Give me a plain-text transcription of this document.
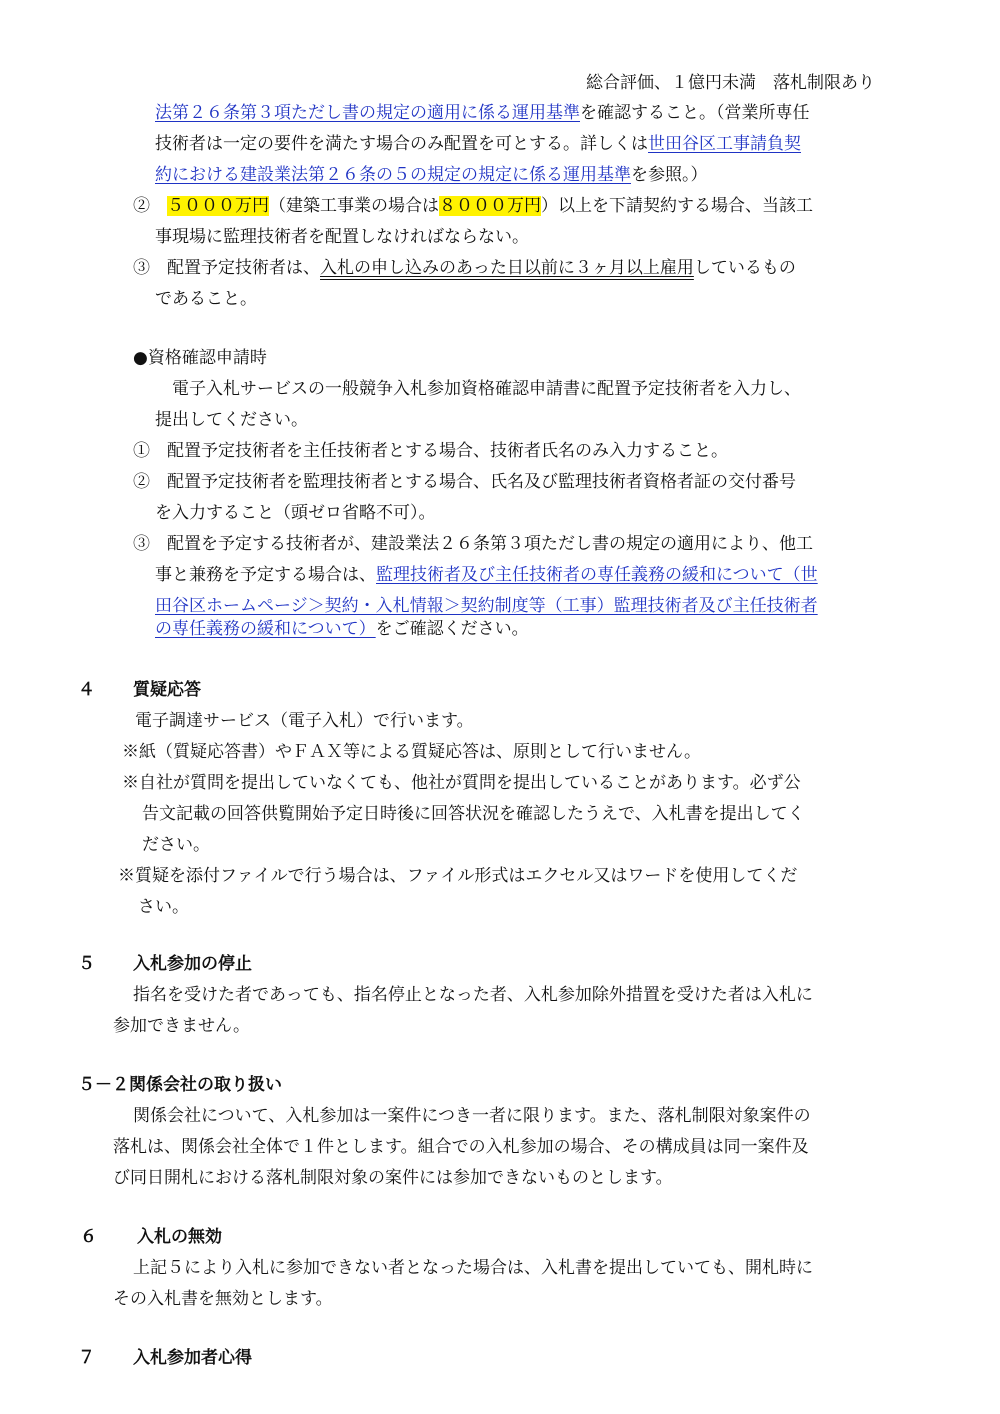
総合評価、１億円未満　落札制限あり
法第２６条第３項ただし書の規定の適用に係る運用基準を確認すること。（営業所専任
技術者は一定の要件を満たす場合のみ配置を可とする。詳しくは世田谷区工事請負契
約における建設業法第２６条の５の規定の規定に係る運用基準を参照。）
②　 ５０００万円（建築工事業の場合は８０００万円）以上を下請契約する場合、当該工
事現場に監理技術者を配置しなければならない。
③　 配置予定技術者は、入札の申し込みのあった日以前に３ヶ月以上雇用しているもの
であること。
●資格確認申請時
電子入札サービスの一般競争入札参加資格確認申請書に配置予定技術者を入力し、
提出してください。
①　 配置予定技術者を主任技術者とする場合、技術者氏名のみ入力すること。
②　 配置予定技術者を監理技術者とする場合、氏名及び監理技術者資格者証の交付番号
を入力すること（頭ゼロ省略不可）。
③　 配置を予定する技術者が、建設業法２６条第３項ただし書の規定の適用により、他工
事と兼務を予定する場合は、監理技術者及び主任技術者の専任義務の緩和について（世
田谷区ホームページ＞契約・入札情報＞契約制度等（工事）監理技術者及び主任技術者
の専任義務の緩和について）をご確認ください。
４ 質疑応答
電子調達サービス（電子入札）で行います。
※紙（質疑応答書）やＦＡＸ等による質疑応答は、原則として行いません。
※自社が質問を提出していなくても、他社が質問を提出していることがあります。必ず公
告文記載の回答供覧開始予定日時後に回答状況を確認したうえで、入札書を提出してく
ださい。
※質疑を添付ファイルで行う場合は、ファイル形式はエクセル又はワードを使用してくだ
さい。
５ 入札参加の停止
指名を受けた者であっても、指名停止となった者、入札参加除外措置を受けた者は入札に
参加できません。
５－２関係会社の取り扱い
関係会社について、入札参加は一案件につき一者に限ります。また、落札制限対象案件の
落札は、関係会社全体で１件とします。組合での入札参加の場合、その構成員は同一案件及
び同日開札における落札制限対象の案件には参加できないものとします。
６ 入札の無効
上記５により入札に参加できない者となった場合は、入札書を提出していても、開札時に
その入札書を無効とします。
７ 入札参加者心得
